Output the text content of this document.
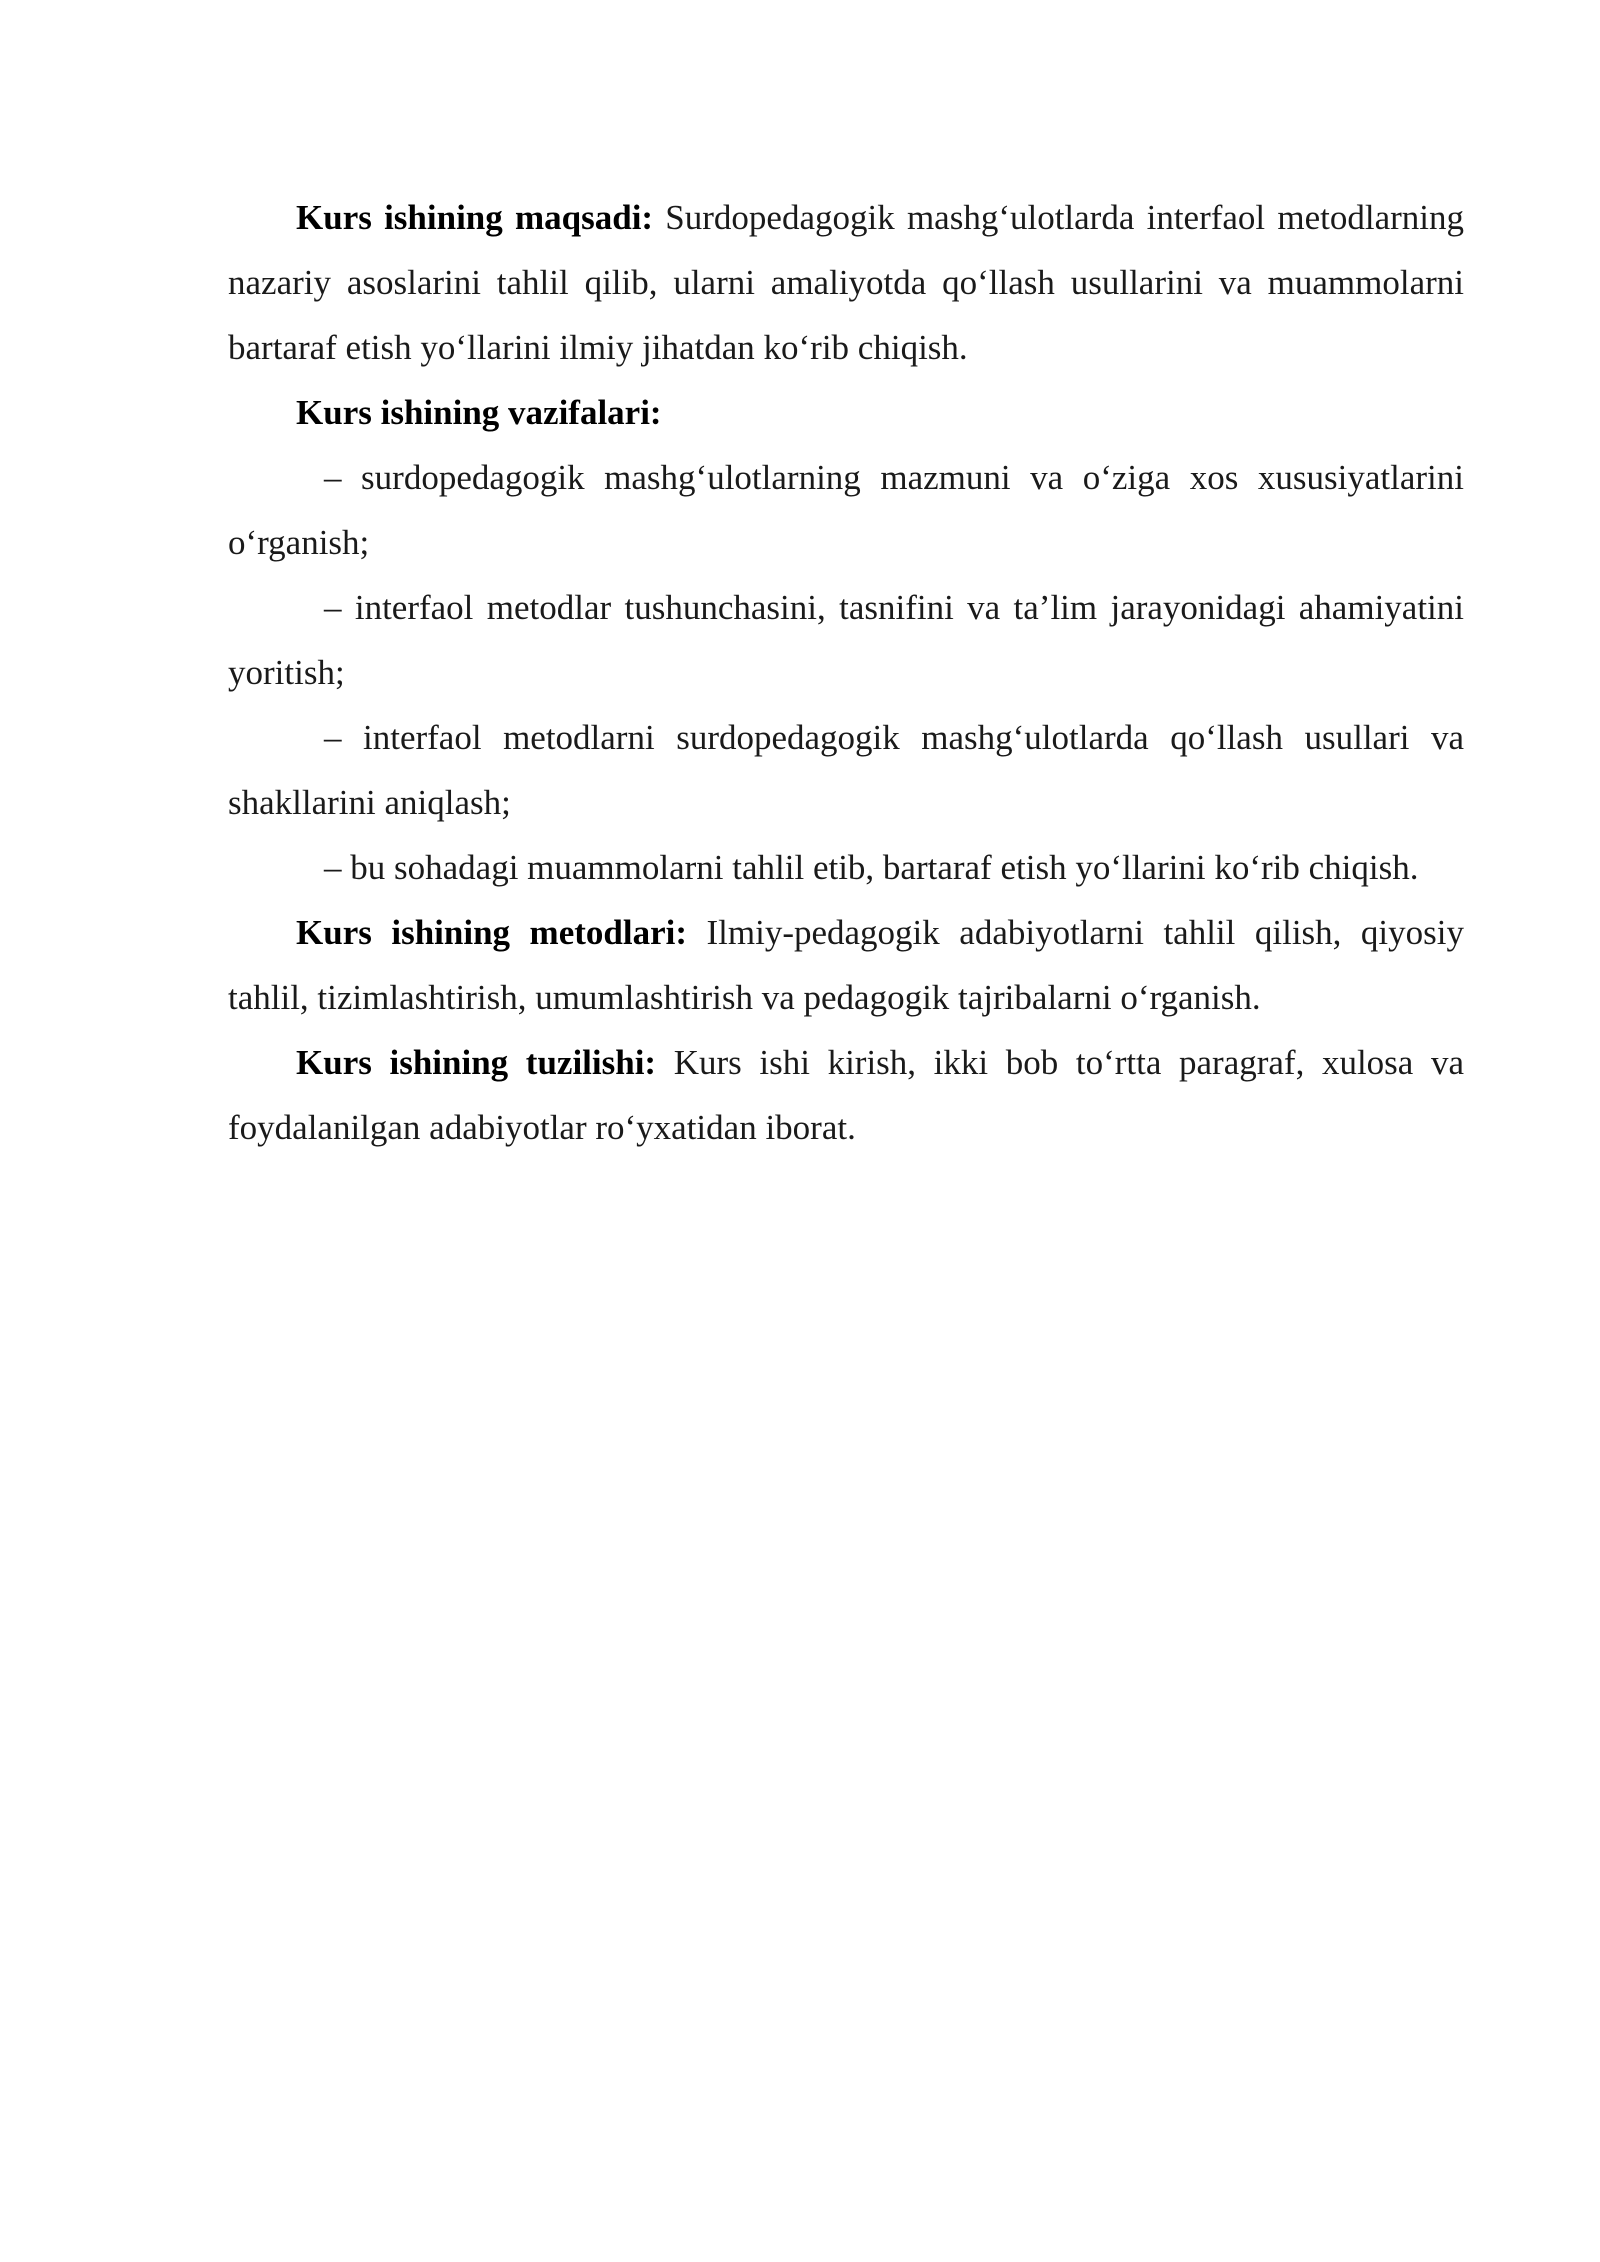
Kurs ishining maqsadi: Surdopedagogik mashg‘ulotlarda interfaol metodlarning nazariy asoslarini tahlil qilib, ularni amaliyotda qo‘llash usullarini va muammolarni bartaraf etish yo‘llarini ilmiy jihatdan ko‘rib chiqish.

Kurs ishining vazifalari:

– surdopedagogik mashg‘ulotlarning mazmuni va o‘ziga xos xususiyatlarini o‘rganish;

– interfaol metodlar tushunchasini, tasnifini va ta’lim jarayonidagi ahamiyatini yoritish;

– interfaol metodlarni surdopedagogik mashg‘ulotlarda qo‘llash usullari va shakllarini aniqlash;

– bu sohadagi muammolarni tahlil etib, bartaraf etish yo‘llarini ko‘rib chiqish.

Kurs ishining metodlari: Ilmiy-pedagogik adabiyotlarni tahlil qilish, qiyosiy tahlil, tizimlashtirish, umumlashtirish va pedagogik tajribalarni o‘rganish.

Kurs ishining tuzilishi: Kurs ishi kirish, ikki bob to‘rtta paragraf, xulosa va foydalanilgan adabiyotlar ro‘yxatidan iborat.
